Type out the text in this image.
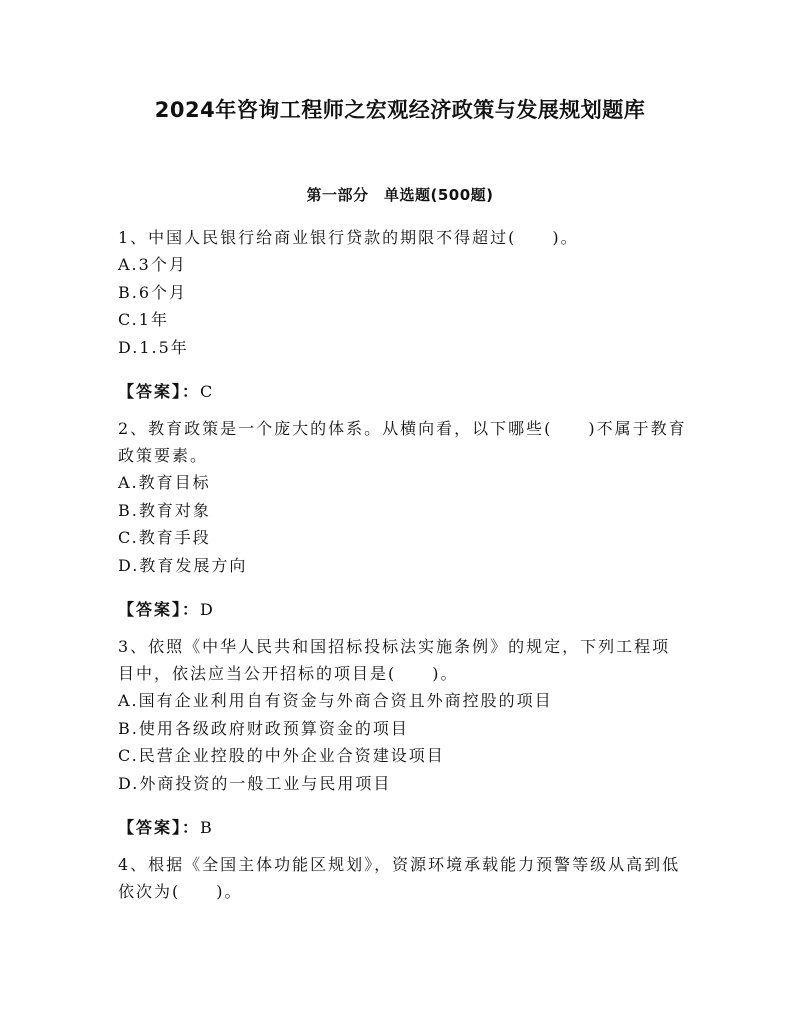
2024年咨询工程师之宏观经济政策与发展规划题库
第一部分　单选题(500题)

1、中国人民银行给商业银行贷款的期限不得超过(　　)。

A.3个月

B.6个月

C.1年

D.1.5年

【答案】：C

2、教育政策是一个庞大的体系。从横向看，以下哪些(　　)不属于教育政策要素。

A.教育目标

B.教育对象

C.教育手段

D.教育发展方向

【答案】：D

3、依照《中华人民共和国招标投标法实施条例》的规定，下列工程项目中，依法应当公开招标的项目是(　　)。

A.国有企业利用自有资金与外商合资且外商控股的项目

B.使用各级政府财政预算资金的项目

C.民营企业控股的中外企业合资建设项目

D.外商投资的一般工业与民用项目

【答案】：B

4、根据《全国主体功能区规划》，资源环境承载能力预警等级从高到低依次为(　　)。
